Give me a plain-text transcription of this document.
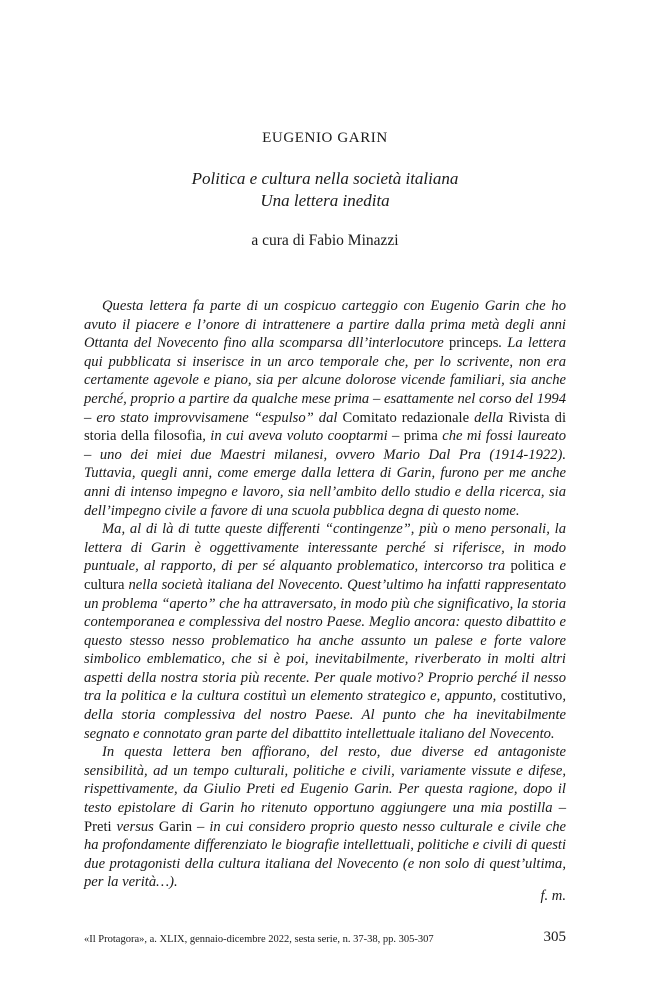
EUGENIO GARIN
Politica e cultura nella società italiana
Una lettera inedita
a cura di Fabio Minazzi

Questa lettera fa parte di un cospicuo carteggio con Eugenio Garin che ho avuto il piacere e l’onore di intrattenere a partire dalla prima metà degli anni Ottanta del Novecento fino alla scomparsa dll’interlocutore princeps. La lettera qui pubblicata si inserisce in un arco temporale che, per lo scrivente, non era certamente agevole e piano, sia per alcune dolorose vicende familiari, sia anche perché, proprio a partire da qualche mese prima – esattamente nel corso del 1994 – ero stato improvvisamene “espulso” dal Comitato redazionale della Rivista di storia della filosofia, in cui aveva voluto cooptarmi – prima che mi fossi laureato – uno dei miei due Maestri milanesi, ovvero Mario Dal Pra (1914-1922). Tuttavia, quegli anni, come emerge dalla lettera di Garin, furono per me anche anni di intenso impegno e lavoro, sia nell’ambito dello studio e della ricerca, sia dell’impegno civile a favore di una scuola pubblica degna di questo nome.

Ma, al di là di tutte queste differenti “contingenze”, più o meno personali, la lettera di Garin è oggettivamente interessante perché si riferisce, in modo puntuale, al rapporto, di per sé alquanto problematico, intercorso tra politica e cultura nella società italiana del Novecento. Quest’ultimo ha infatti rappresentato un problema “aperto” che ha attraversato, in modo più che significativo, la storia contemporanea e complessiva del nostro Paese. Meglio ancora: questo dibattito e questo stesso nesso problematico ha anche assunto un palese e forte valore simbolico emblematico, che si è poi, inevitabilmente, riverberato in molti altri aspetti della nostra storia più recente. Per quale motivo? Proprio perché il nesso tra la politica e la cultura costituì un elemento strategico e, appunto, costitutivo, della storia complessiva del nostro Paese. Al punto che ha inevitabilmente segnato e connotato gran parte del dibattito intellettuale italiano del Novecento.

In questa lettera ben affiorano, del resto, due diverse ed antagoniste sensibilità, ad un tempo culturali, politiche e civili, variamente vissute e difese, rispettivamente, da Giulio Preti ed Eugenio Garin. Per questa ragione, dopo il testo epistolare di Garin ho ritenuto opportuno aggiungere una mia postilla – Preti versus Garin – in cui considero proprio questo nesso culturale e civile che ha profondamente differenziato le biografie intellettuali, politiche e civili di questi due protagonisti della cultura italiana del Novecento (e non solo di quest’ultima, per la verità…).

f. m.
«Il Protagora», a. XLIX, gennaio-dicembre 2022, sesta serie, n. 37-38, pp. 305-307	305
